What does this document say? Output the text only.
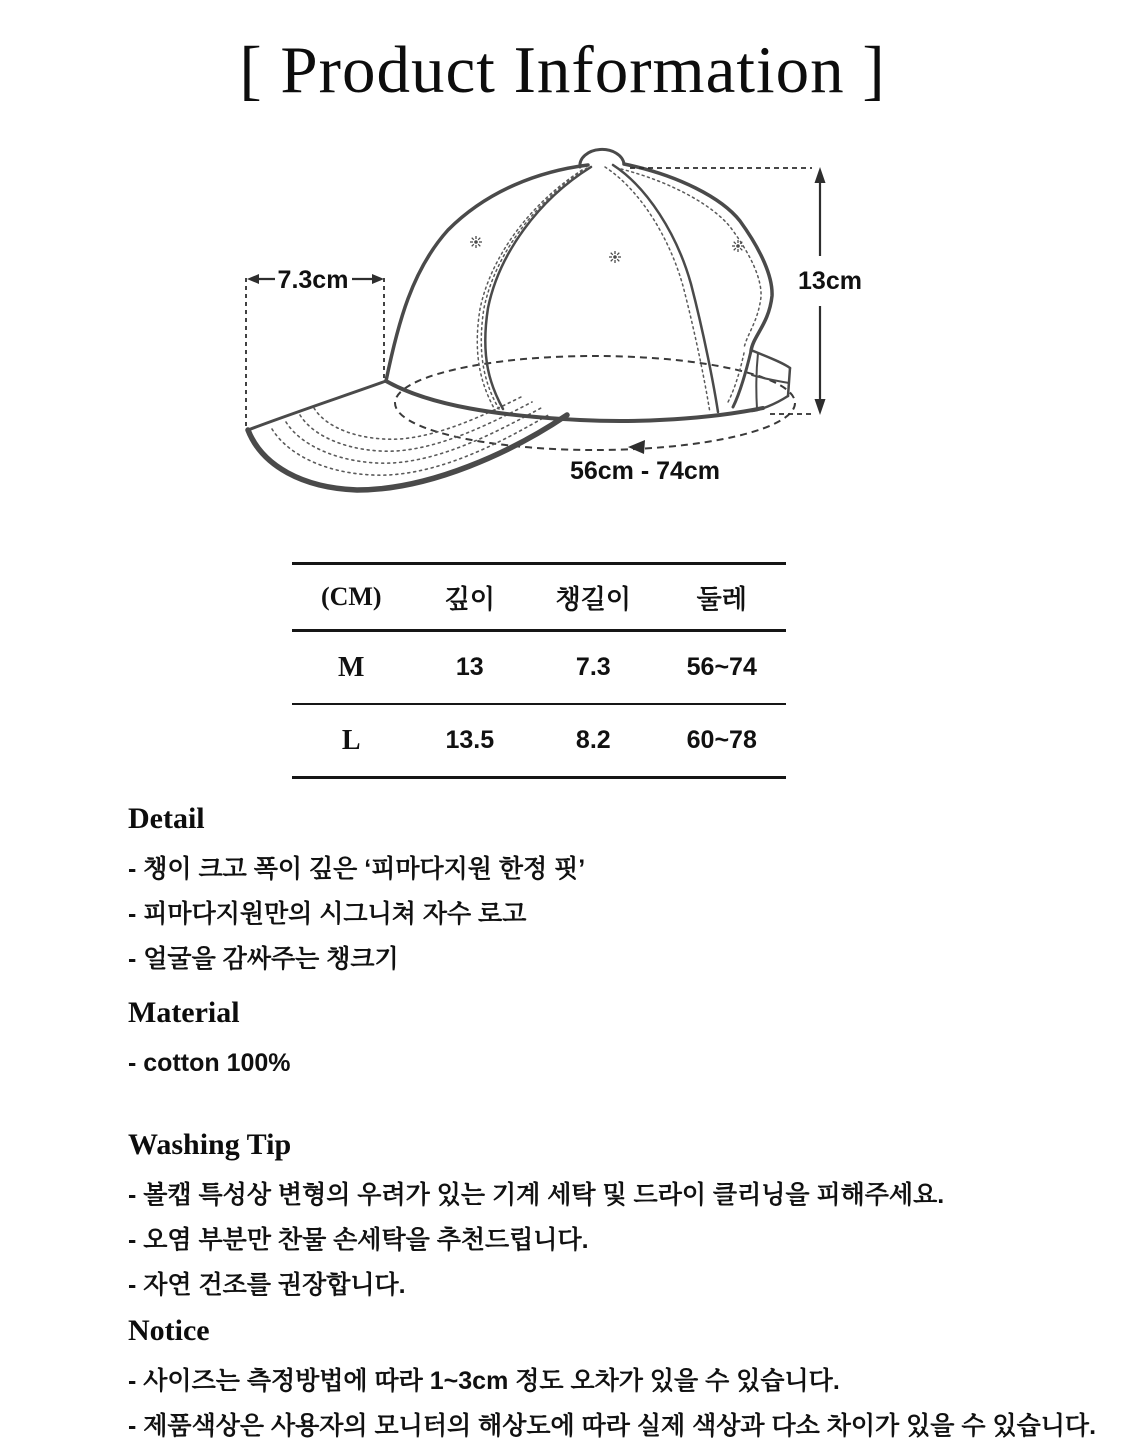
[ Product Information ]
7.3cm	13cm
56cm - 74cm
(CM)	깊이	챙길이	둘레
M	13	7.3	56~74
L	13.5	8.2	60~78
Detail
- 챙이 크고 폭이 깊은 ‘피마다지원 한정 핏’
- 피마다지원만의 시그니쳐 자수 로고
- 얼굴을 감싸주는 챙크기
Material
- cotton 100%
Washing Tip
- 볼캡 특성상 변형의 우려가 있는 기계 세탁 및 드라이 클리닝을 피해주세요.
- 오염 부분만 찬물 손세탁을 추천드립니다.
- 자연 건조를 권장합니다.
Notice
- 사이즈는 측정방법에 따라 1~3cm 정도 오차가 있을 수 있습니다.
- 제품색상은 사용자의 모니터의 해상도에 따라 실제 색상과 다소 차이가 있을 수 있습니다.
